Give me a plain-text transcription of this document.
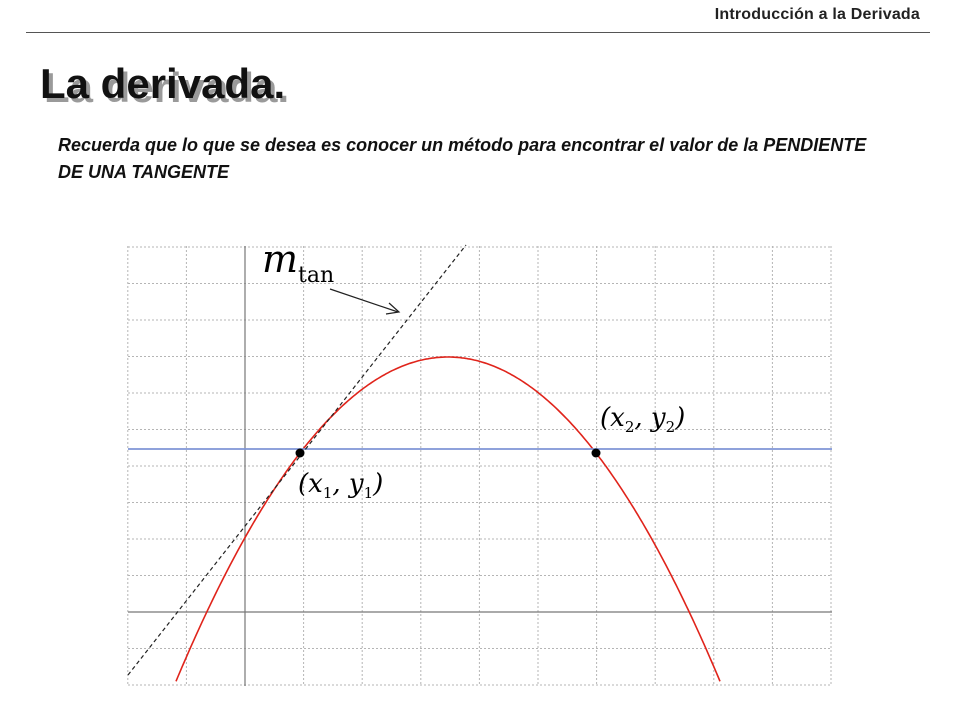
Introducción a la Derivada
La derivada.
Recuerda que lo que se desea es conocer un método para encontrar el valor de la PENDIENTE DE UNA TANGENTE
$m_{tan}$
($x_1$, $y_1$)
($x_2$, $y_2$)
